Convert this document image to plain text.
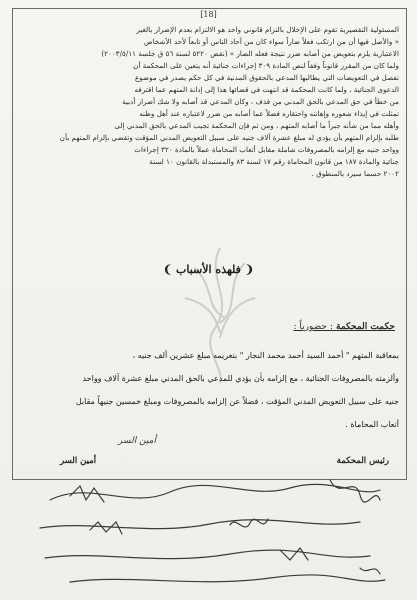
[18]

المسئولية التقصيرية تقوم على الإخلال بالتزام قانوني واحد هو الالتزام بعدم الإضرار بالغير

« والأصل فيها أن من ارتكب فعلاً ضاراً سواء كان من آحاد الناس أو تابعاً لأحد الأشخاص

الاعتبارية يلزم بتعويض من أصابه ضرر نتيجة فعله الضار » (نقض ٥٢٢٠ لسنة ٥٦ ق جلسة ٢٠٠٣/٥/١١)

ولما كان من المقرر قانوناً وفقاً لنص المادة ٣٠٩ إجراءات جنائية أنه يتعين على المحكمة أن

تفصل في التعويضات التي يطالبها المدعي بالحقوق المدنية في كل حكم يصدر في موضوع

الدعوى الجنائية ، ولما كانت المحكمة قد انتهت في قضائها هذا إلى إدانة المتهم عما اقترفه

من خطأ في حق المدعي بالحق المدني من قذف ، وكان المدعي قد أصابه ولا شك أضرار أدبية

تمثلت في إيذاء شعوره وإهانته واحتقاره فضلاً عما أصابه من ضرر لاعتباره عند أهل وطنه

وأهله مما من شأنه جبراً ما أصابه المتهم ، ومن ثم فإن المحكمة تجيب المدعي بالحق المدني إلى

طلبه بإلزام المتهم بأن يؤدي له مبلغ عشرة آلاف جنيه على سبيل التعويض المدني المؤقت وتقضي بإلزام المتهم بأن

وواحد جنيه مع إلزامه بالمصروفات شاملة مقابل أتعاب المحاماة عملاً بالمادة ٣٢٠ إجراءات

جنائية والمادة ١٨٧ من قانون المحاماة رقم ١٧ لسنة ٨٣ والمستبدلة بالقانون ١٠ لسنة

٢٠٠٢ حسما سيرد بالمنطوق .

❨ فلهذه الأسباب ❩
حكمت المحكمة : حضورياً :

بمعاقبة المتهم " أحمد السيد أحمد محمد النجار " بتغريمه مبلغ عشرين ألف جنيه ،

وألزمته بالمصروفات الجنائية ، مع إلزامه بأن يؤدي للمدعي بالحق المدني مبلغ عشرة آلاف وواحد

جنيه على سبيل التعويض المدني المؤقت ، فضلاً عن إلزامه بالمصروفات ومبلغ خمسين جنيهاً مقابل

أتعاب المحاماة .

أمين السر
رئيس المحكمة
أمين السر
